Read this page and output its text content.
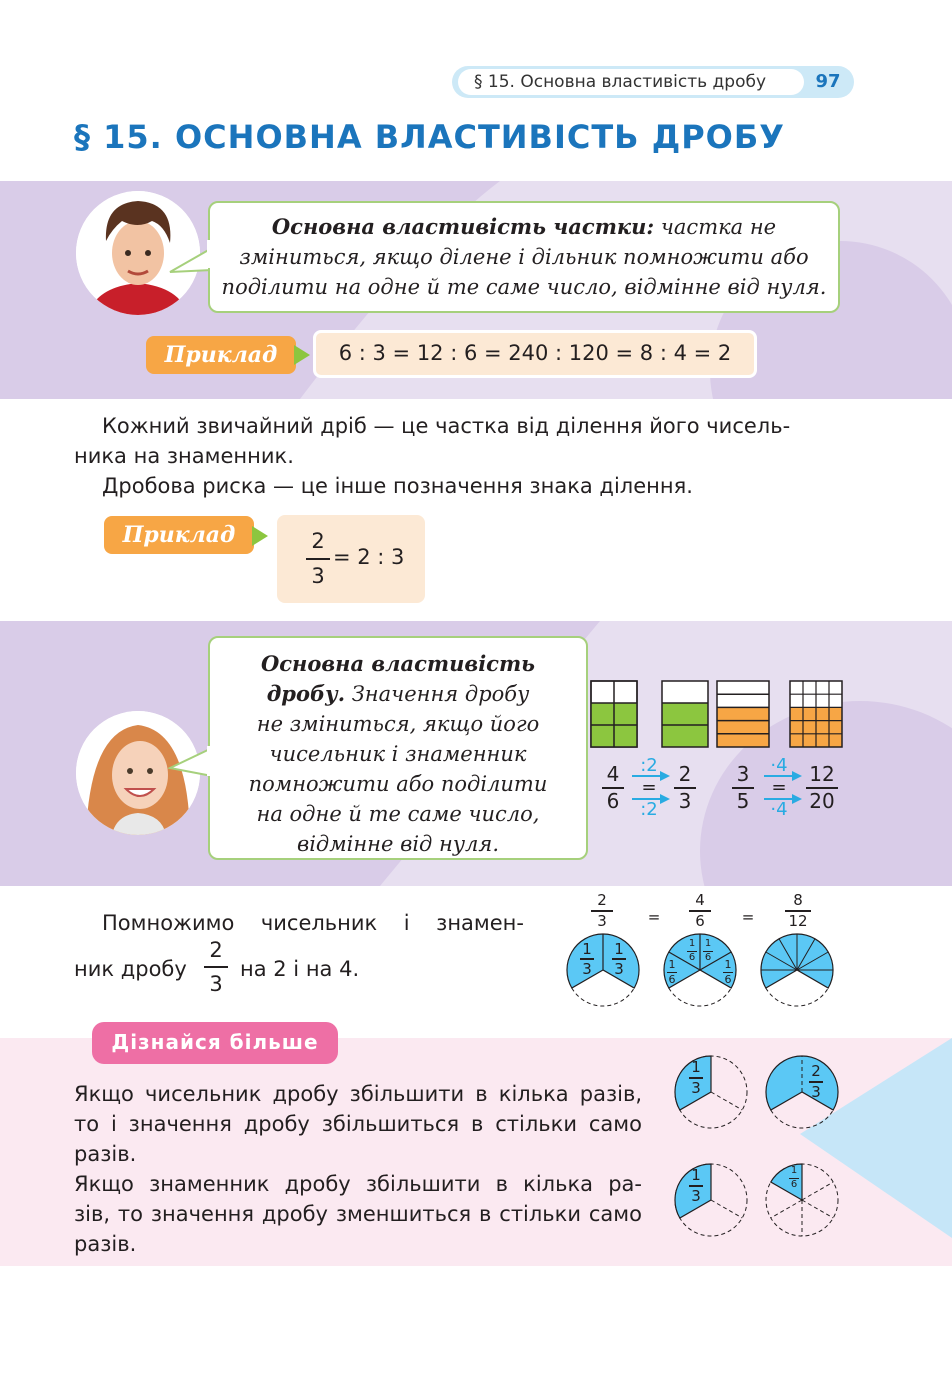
§ 15. Основна властивість дробу	97
§ 15. ОСНОВНА ВЛАСТИВІСТЬ ДРОБУ
Основна властивість частки: частка не зміниться, якщо ділене і дільник помножити або поділити на одне й те саме число, відмінне від нуля.
Приклад	6 : 3 = 12 : 6 = 240 : 120 = 8 : 4 = 2
Кожний звичайний дріб — це частка від ділення його чисель-
ника на знаменник.
Дробова риска — це інше позначення знака ділення.
Приклад	2
3
= 2 : 3
Основна властивість
дробу. Значення дробу
не зміниться, якщо його
чисельник і знаменник
помножити або поділити
на одне й те саме число,
відмінне від нуля.
4
6
:2
=
:2
2
3
3
5
·4
=
·4
12
20
Помножимо чисельник і знамен-
ник дробу
2
3
на 2 і на 4.
2
3	=
4
6	=
8
12
1
3
1
3
1
6
1
6
1
6
1
6
Дізнайся більше
Якщо чисельник дробу збільшити в кілька разів,
то і значення дробу збільшиться в стільки само
разів.
Якщо знаменник дробу збільшити в кілька ра-
зів, то значення дробу зменшиться в стільки само
разів.
1
3
2
3
1
3
1
6
